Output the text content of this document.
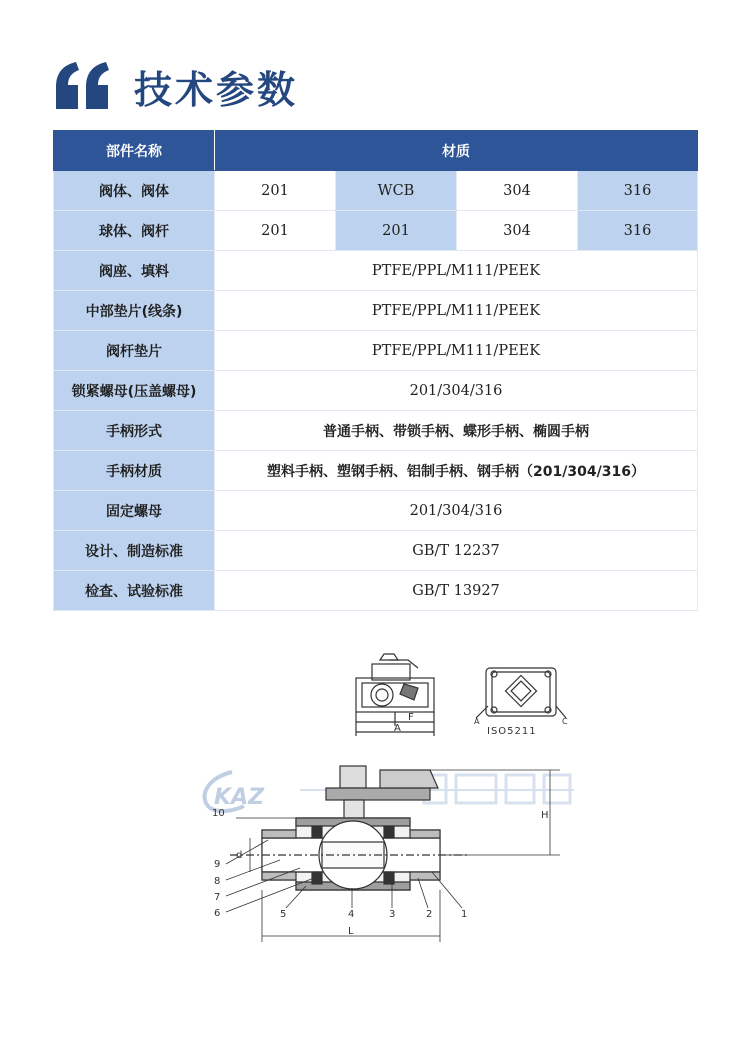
技术参数
部件名称	材质			
阀体、阀体	201	WCB	304	316
球体、阀杆	201	201	304	316
阀座、填料	PTFE/PPL/M111/PEEK			
中部垫片(线条)	PTFE/PPL/M111/PEEK			
阀杆垫片	PTFE/PPL/M111/PEEK			
锁紧螺母(压盖螺母)	201/304/316			
手柄形式	普通手柄、带锁手柄、蝶形手柄、椭圆手柄			
手柄材质	塑料手柄、塑钢手柄、铝制手柄、钢手柄（201/304/316）			
固定螺母	201/304/316			
设计、制造标准	GB/T 12237			
检查、试验标准	GB/T 13927			
F
A
A	C
ISO5211
KAZ
H
d
L
10
9
8
7
6	5	4	3	2	1
